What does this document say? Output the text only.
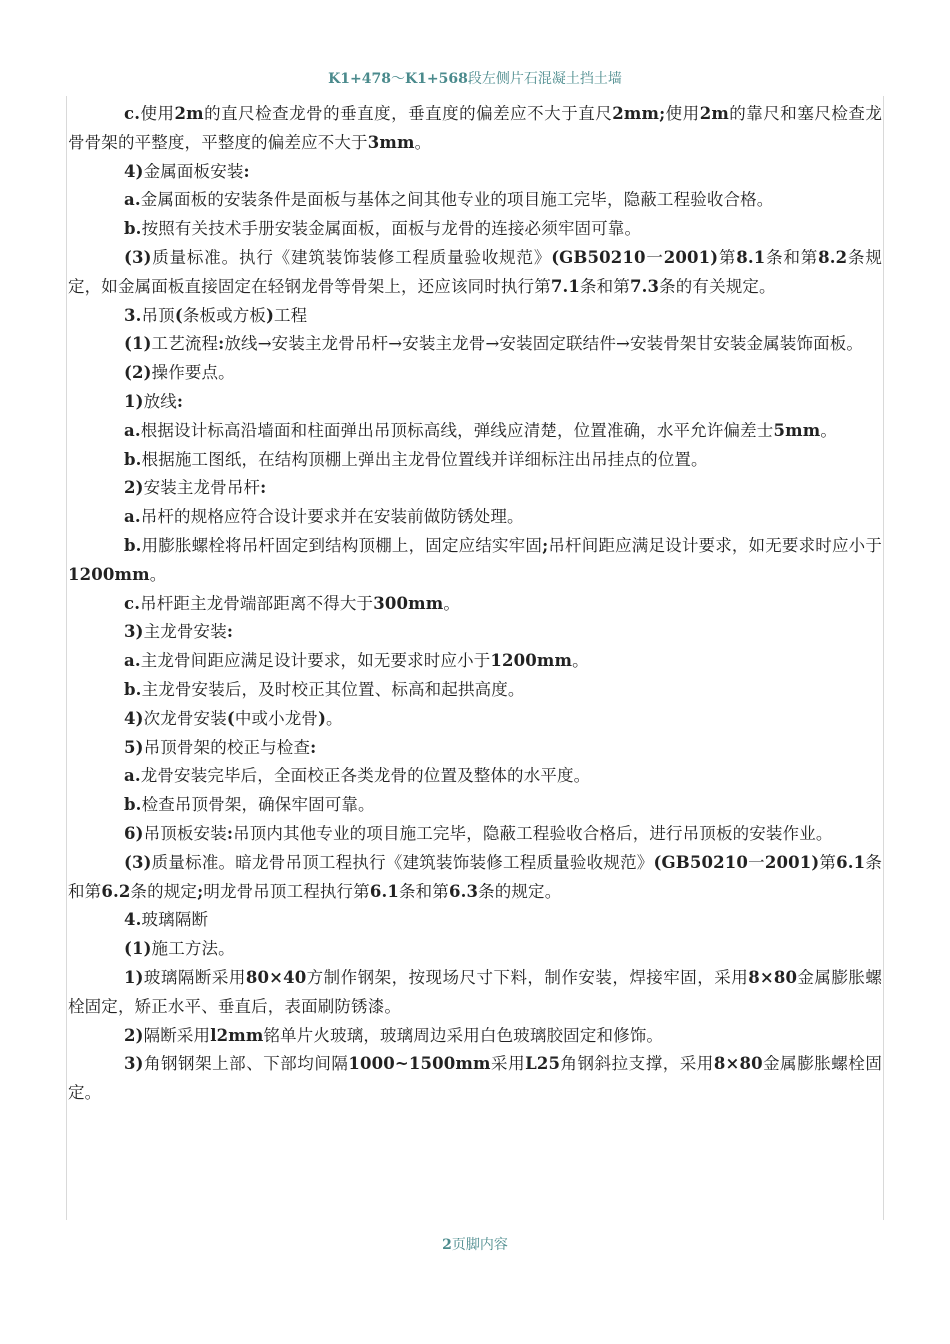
K1+478～K1+568段左侧片石混凝土挡土墙

c.使用2m的直尺检查龙骨的垂直度，垂直度的偏差应不大于直尺2mm;使用2m的靠尺和塞尺检查龙骨骨架的平整度，平整度的偏差应不大于3mm。

4)金属面板安装:

a.金属面板的安装条件是面板与基体之间其他专业的项目施工完毕，隐蔽工程验收合格。

b.按照有关技术手册安装金属面板，面板与龙骨的连接必须牢固可靠。

(3)质量标准。执行《建筑装饰装修工程质量验收规范》(GB50210一2001)第8.1条和第8.2条规定，如金属面板直接固定在轻钢龙骨等骨架上，还应该同时执行第7.1条和第7.3条的有关规定。

3.吊顶(条板或方板)工程

(1)工艺流程:放线→安装主龙骨吊杆→安装主龙骨→安装固定联结件→安装骨架甘安装金属装饰面板。

(2)操作要点。

1)放线:

a.根据设计标高沿墙面和柱面弹出吊顶标高线，弹线应清楚，位置准确，水平允许偏差士5mm。

b.根据施工图纸，在结构顶棚上弹出主龙骨位置线并详细标注出吊挂点的位置。

2)安装主龙骨吊杆:

a.吊杆的规格应符合设计要求并在安装前做防锈处理。

b.用膨胀螺栓将吊杆固定到结构顶棚上，固定应结实牢固;吊杆间距应满足设计要求，如无要求时应小于1200mm。

c.吊杆距主龙骨端部距离不得大于300mm。

3)主龙骨安装:

a.主龙骨间距应满足设计要求，如无要求时应小于1200mm。

b.主龙骨安装后，及时校正其位置、标高和起拱高度。

4)次龙骨安装(中或小龙骨)。

5)吊顶骨架的校正与检查:

a.龙骨安装完毕后，全面校正各类龙骨的位置及整体的水平度。

b.检查吊顶骨架，确保牢固可靠。

6)吊顶板安装:吊顶内其他专业的项目施工完毕，隐蔽工程验收合格后，进行吊顶板的安装作业。

(3)质量标准。暗龙骨吊顶工程执行《建筑装饰装修工程质量验收规范》(GB50210一2001)第6.1条和第6.2条的规定;明龙骨吊顶工程执行第6.1条和第6.3条的规定。

4.玻璃隔断

(1)施工方法。

1)玻璃隔断采用80×40方制作钢架，按现场尺寸下料，制作安装，焊接牢固，采用8×80金属膨胀螺栓固定，矫正水平、垂直后，表面刷防锈漆。

2)隔断采用l2mm铭单片火玻璃，玻璃周边采用白色玻璃胶固定和修饰。

3)角钢钢架上部、下部均间隔1000~1500mm采用L25角钢斜拉支撑，采用8×80金属膨胀螺栓固定。

2页脚内容
